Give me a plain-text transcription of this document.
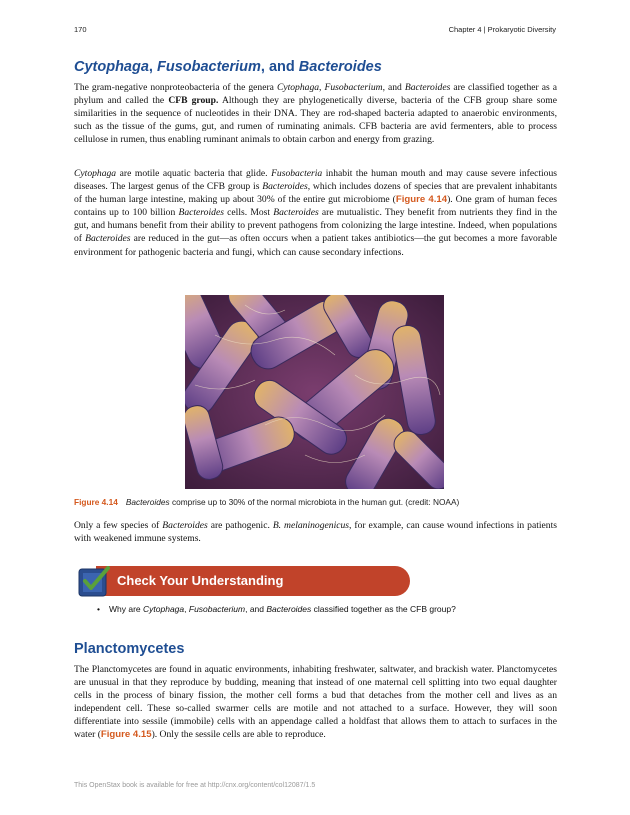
170	Chapter 4 | Prokaryotic Diversity
Cytophaga, Fusobacterium, and Bacteroides

The gram-negative nonproteobacteria of the genera Cytophaga, Fusobacterium, and Bacteroides are classified together as a phylum and called the CFB group. Although they are phylogenetically diverse, bacteria of the CFB group share some similarities in the sequence of nucleotides in their DNA. They are rod-shaped bacteria adapted to anaerobic environments, such as the tissue of the gums, gut, and rumen of ruminating animals. CFB bacteria are avid fermenters, able to process cellulose in rumen, thus enabling ruminant animals to obtain carbon and energy from grazing.

Cytophaga are motile aquatic bacteria that glide. Fusobacteria inhabit the human mouth and may cause severe infectious diseases. The largest genus of the CFB group is Bacteroides, which includes dozens of species that are prevalent inhabitants of the human large intestine, making up about 30% of the entire gut microbiome (Figure 4.14). One gram of human feces contains up to 100 billion Bacteroides cells. Most Bacteroides are mutualistic. They benefit from nutrients they find in the gut, and humans benefit from their ability to prevent pathogens from colonizing the large intestine. Indeed, when populations of Bacteroides are reduced in the gut—as often occurs when a patient takes antibiotics—the gut becomes a more favorable environment for pathogenic bacteria and fungi, which can cause secondary infections.

Figure 4.14 Bacteroides comprise up to 30% of the normal microbiota in the human gut. (credit: NOAA)

Only a few species of Bacteroides are pathogenic. B. melaninogenicus, for example, can cause wound infections in patients with weakened immune systems.

Check Your Understanding
• Why are Cytophaga, Fusobacterium, and Bacteroides classified together as the CFB group?
Planctomycetes

The Planctomycetes are found in aquatic environments, inhabiting freshwater, saltwater, and brackish water. Planctomycetes are unusual in that they reproduce by budding, meaning that instead of one maternal cell splitting into two equal daughter cells in the process of binary fission, the mother cell forms a bud that detaches from the mother cell and lives as an independent cell. These so-called swarmer cells are motile and not attached to a surface. However, they will soon differentiate into sessile (immobile) cells with an appendage called a holdfast that allows them to attach to surfaces in the water (Figure 4.15). Only the sessile cells are able to reproduce.

This OpenStax book is available for free at http://cnx.org/content/col12087/1.5
